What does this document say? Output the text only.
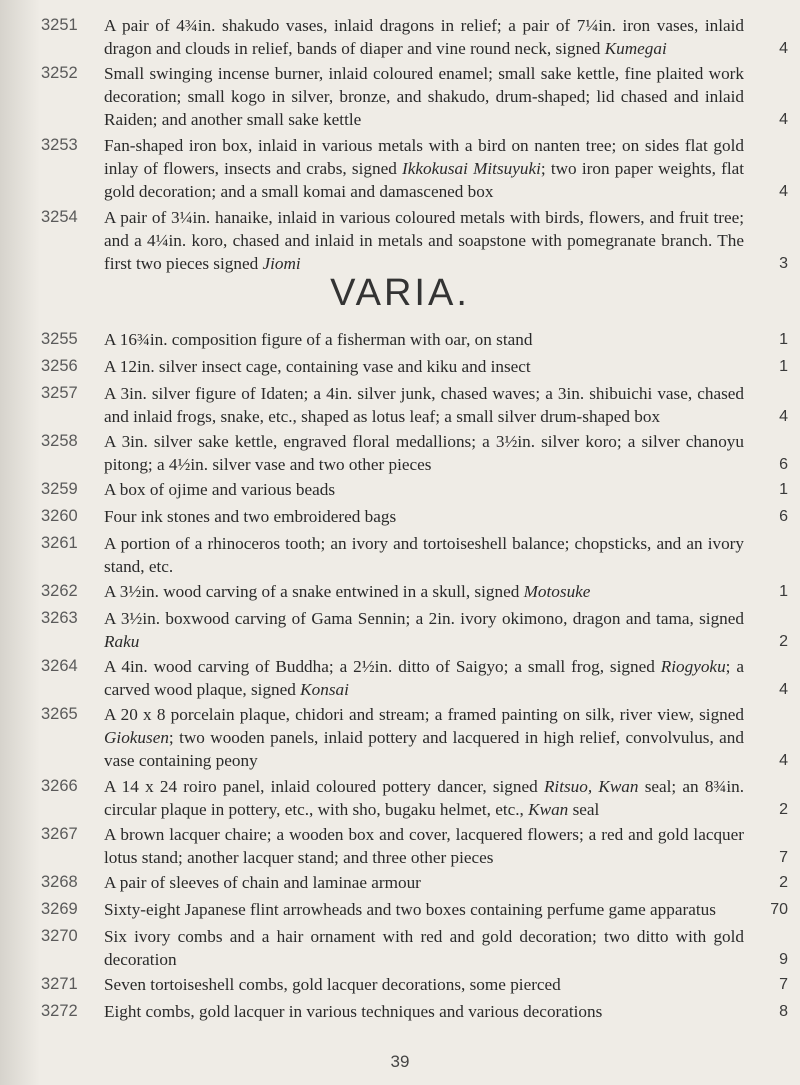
VARIA.
39
3251	A pair of 4¾in. shakudo vases, inlaid dragons in relief; a pair of 7¼in. iron vases, inlaid dragon and clouds in relief, bands of diaper and vine round neck, signed Kumegai	4
3252	Small swinging incense burner, inlaid coloured enamel; small sake kettle, fine plaited work decoration; small kogo in silver, bronze, and shakudo, drum-shaped; lid chased and inlaid Raiden; and another small sake kettle	4
3253	Fan-shaped iron box, inlaid in various metals with a bird on nanten tree; on sides flat gold inlay of flowers, insects and crabs, signed Ikkokusai Mitsuyuki; two iron paper weights, flat gold decoration; and a small komai and damascened box	4
3254	A pair of 3¼in. hanaike, inlaid in various coloured metals with birds, flowers, and fruit tree; and a 4¼in. koro, chased and inlaid in metals and soapstone with pomegranate branch. The first two pieces signed Jiomi	3
3255	A 16¾in. composition figure of a fisherman with oar, on stand	1
3256	A 12in. silver insect cage, containing vase and kiku and insect	1
3257	A 3in. silver figure of Idaten; a 4in. silver junk, chased waves; a 3in. shibuichi vase, chased and inlaid frogs, snake, etc., shaped as lotus leaf; a small silver drum-shaped box	4
3258	A 3in. silver sake kettle, engraved floral medallions; a 3½in. silver koro; a silver chanoyu pitong; a 4½in. silver vase and two other pieces	6
3259	A box of ojime and various beads	1
3260	Four ink stones and two embroidered bags	6
3261	A portion of a rhinoceros tooth; an ivory and tortoiseshell balance; chopsticks, and an ivory stand, etc.
3262	A 3½in. wood carving of a snake entwined in a skull, signed Motosuke	1
3263	A 3½in. boxwood carving of Gama Sennin; a 2in. ivory okimono, dragon and tama, signed Raku	2
3264	A 4in. wood carving of Buddha; a 2½in. ditto of Saigyo; a small frog, signed Riogyoku; a carved wood plaque, signed Konsai	4
3265	A 20 x 8 porcelain plaque, chidori and stream; a framed painting on silk, river view, signed Giokusen; two wooden panels, inlaid pottery and lacquered in high relief, convolvulus, and vase containing peony	4
3266	A 14 x 24 roiro panel, inlaid coloured pottery dancer, signed Ritsuo, Kwan seal; an 8¾in. circular plaque in pottery, etc., with sho, bugaku helmet, etc., Kwan seal	2
3267	A brown lacquer chaire; a wooden box and cover, lacquered flowers; a red and gold lacquer lotus stand; another lacquer stand; and three other pieces	7
3268	A pair of sleeves of chain and laminae armour	2
3269	Sixty-eight Japanese flint arrowheads and two boxes containing perfume game apparatus	70
3270	Six ivory combs and a hair ornament with red and gold decoration; two ditto with gold decoration	9
3271	Seven tortoiseshell combs, gold lacquer decorations, some pierced	7
3272	Eight combs, gold lacquer in various techniques and various decorations	8
